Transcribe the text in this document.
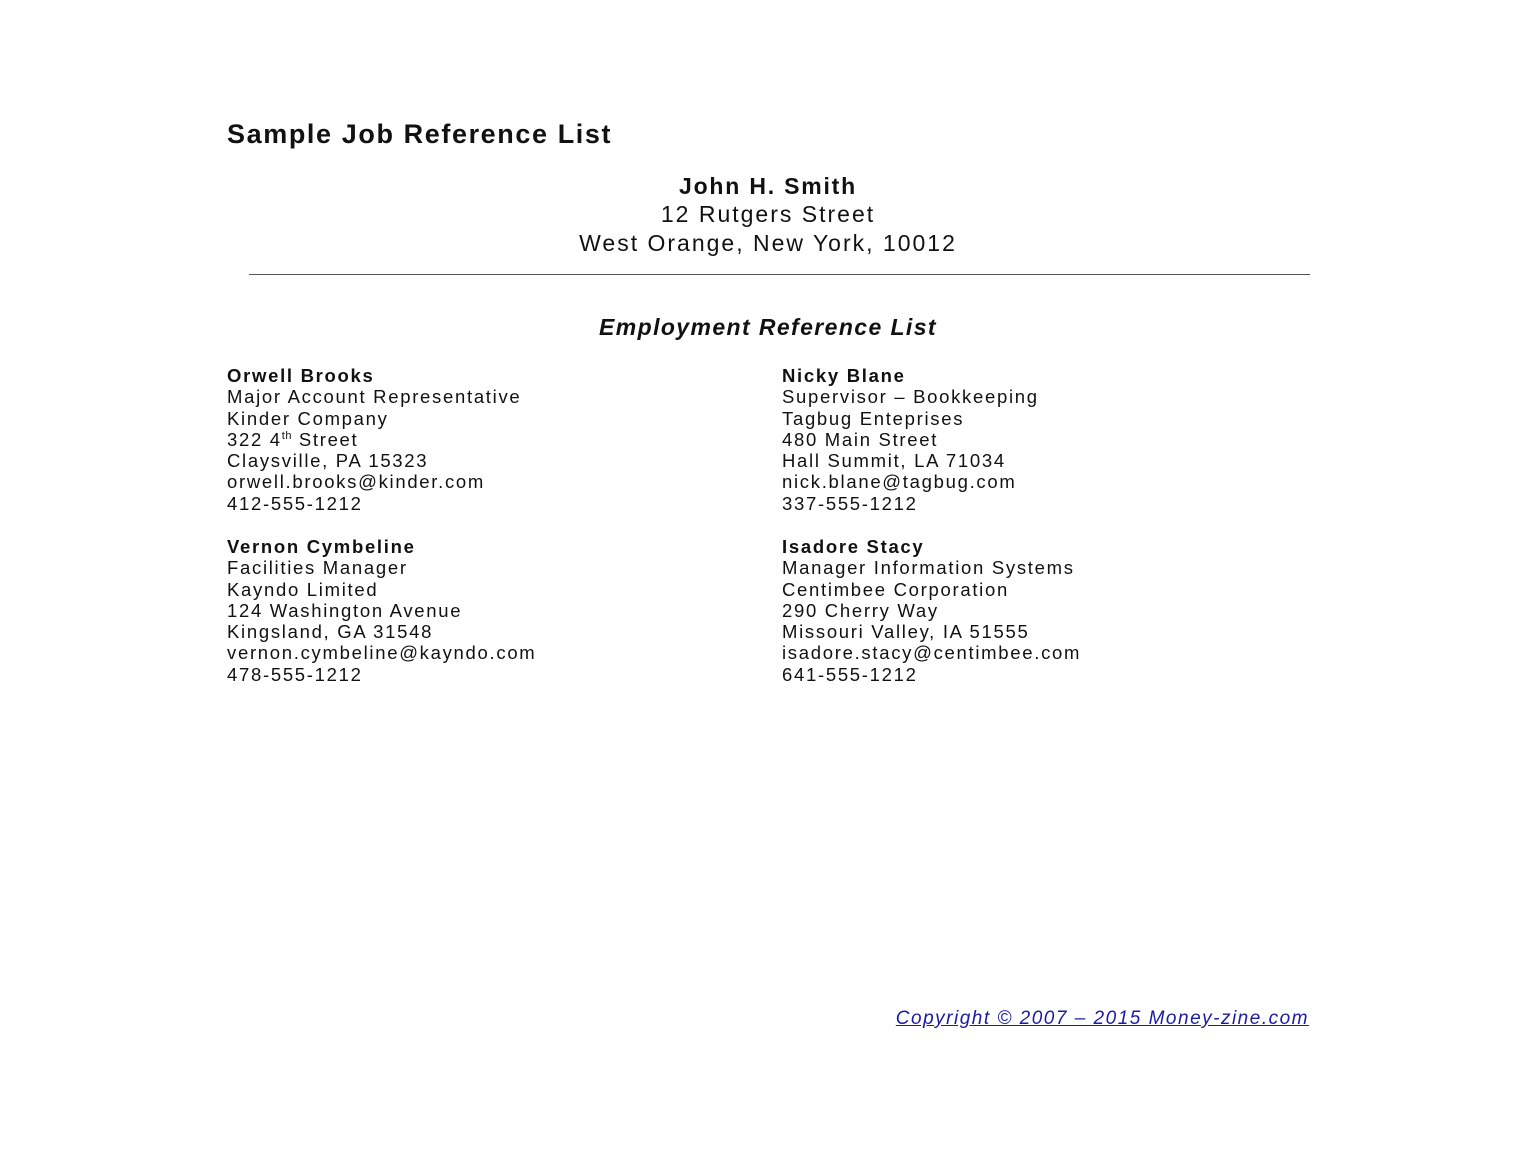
Sample Job Reference List
John H. Smith
12 Rutgers Street
West Orange, New York, 10012
Employment Reference List
Orwell Brooks
Major Account Representative
Kinder Company
322 4th Street
Claysville, PA 15323
orwell.brooks@kinder.com
412-555-1212
Nicky Blane
Supervisor – Bookkeeping
Tagbug Enteprises
480 Main Street
Hall Summit, LA 71034
nick.blane@tagbug.com
337-555-1212
Vernon Cymbeline
Facilities Manager
Kayndo Limited
124 Washington Avenue
Kingsland, GA 31548
vernon.cymbeline@kayndo.com
478-555-1212
Isadore Stacy
Manager Information Systems
Centimbee Corporation
290 Cherry Way
Missouri Valley, IA 51555
isadore.stacy@centimbee.com
641-555-1212
Copyright © 2007 – 2015 Money-zine.com
